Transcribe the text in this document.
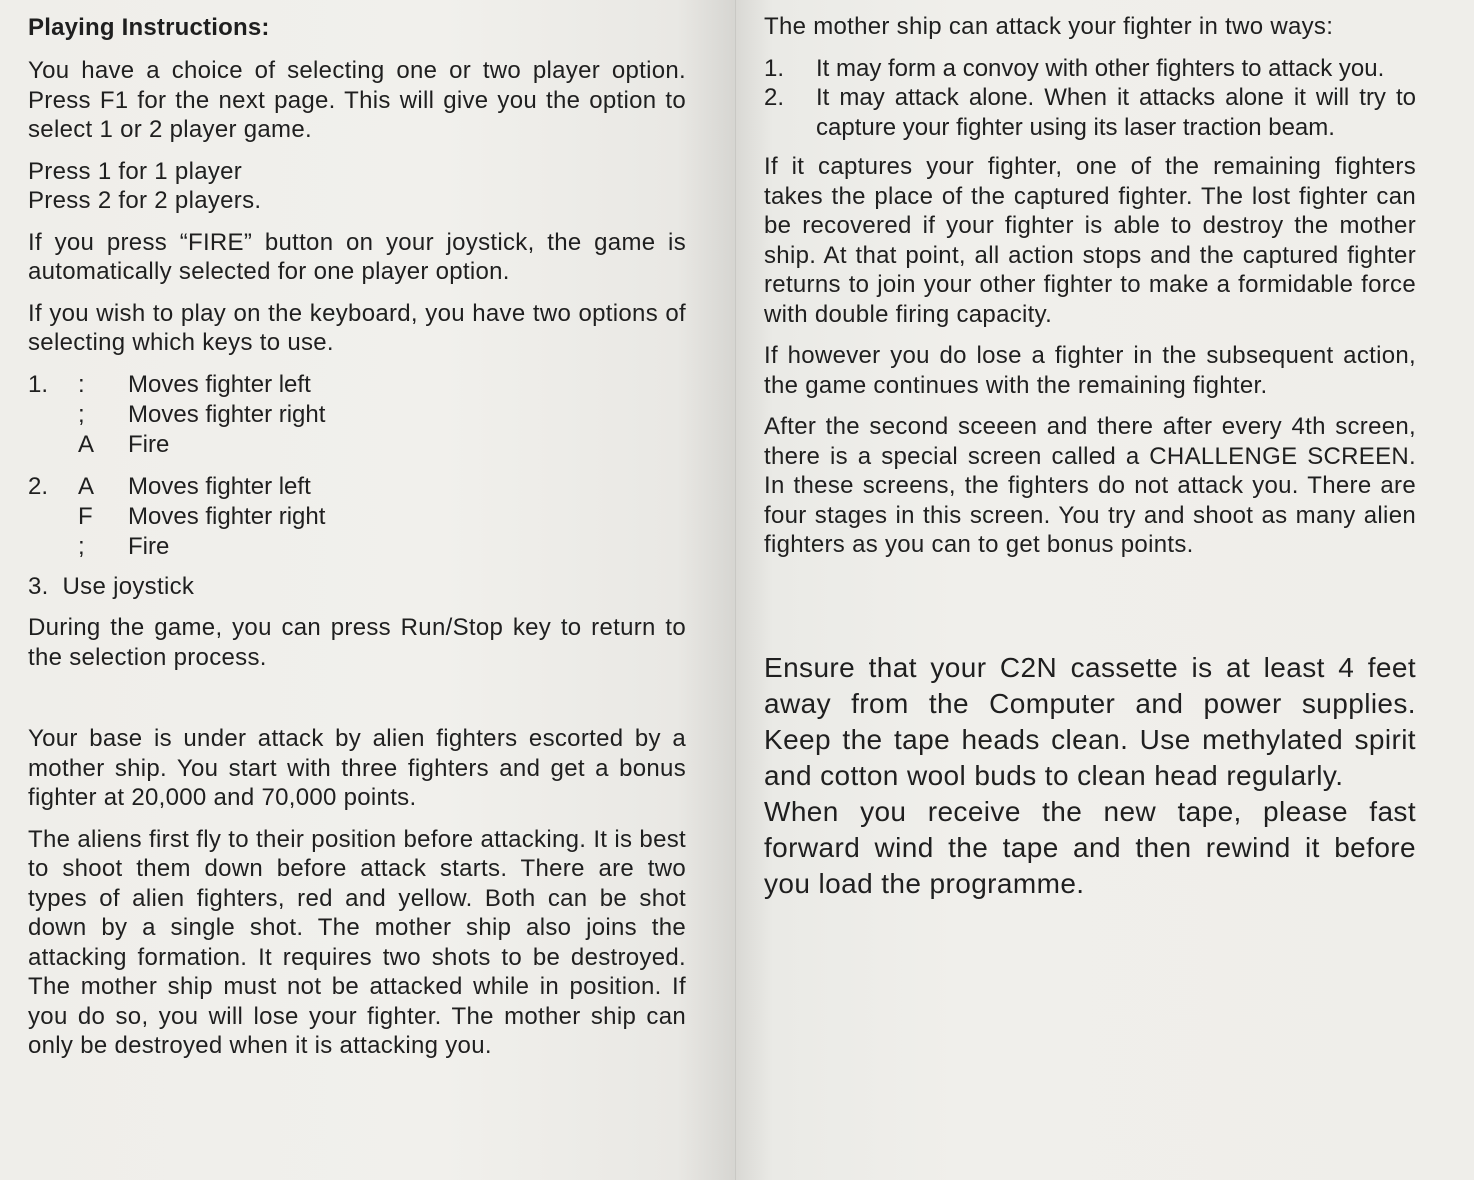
Playing Instructions:

You have a choice of selecting one or two player option. Press F1 for the next page. This will give you the option to select 1 or 2 player game.

Press 1 for 1 player

Press 2 for 2 players.

If you press “FIRE” button on your joystick, the game is automatically selected for one player option.

If you wish to play on the keyboard, you have two options of selecting which keys to use.

1.	:	Moves fighter left
;	Moves fighter right
A	Fire
2.	A	Moves fighter left
F	Moves fighter right
;	Fire

3.  Use joystick

During the game, you can press Run/Stop key to return to the selection process.

Your base is under attack by alien fighters escorted by a mother ship. You start with three fighters and get a bonus fighter at 20,000 and 70,000 points.

The aliens first fly to their position before attacking. It is best to shoot them down before attack starts. There are two types of alien fighters, red and yellow. Both can be shot down by a single shot. The mother ship also joins the attacking formation. It requires two shots to be destroyed. The mother ship must not be attacked while in position. If you do so, you will lose your fighter. The mother ship can only be destroyed when it is attacking you.

The mother ship can attack your fighter in two ways:

1.	It may form a convoy with other fighters to attack you.
2.	It may attack alone. When it attacks alone it will try to capture your fighter using its laser traction beam.

If it captures your fighter, one of the remaining fighters takes the place of the captured fighter. The lost fighter can be recovered if your fighter is able to destroy the mother ship. At that point, all action stops and the captured fighter returns to join your other fighter to make a formidable force with double firing capacity.

If however you do lose a fighter in the subsequent action, the game continues with the remaining fighter.

After the second sceeen and there after every 4th screen, there is a special screen called a CHALLENGE SCREEN. In these screens, the fighters do not attack you. There are four stages in this screen. You try and shoot as many alien fighters as you can to get bonus points.

Ensure that your C2N cassette is at least 4 feet away from the Computer and power supplies. Keep the tape heads clean. Use methylated spirit and cotton wool buds to clean head regularly.

When you receive the new tape, please fast forward wind the tape and then rewind it before you load the programme.
